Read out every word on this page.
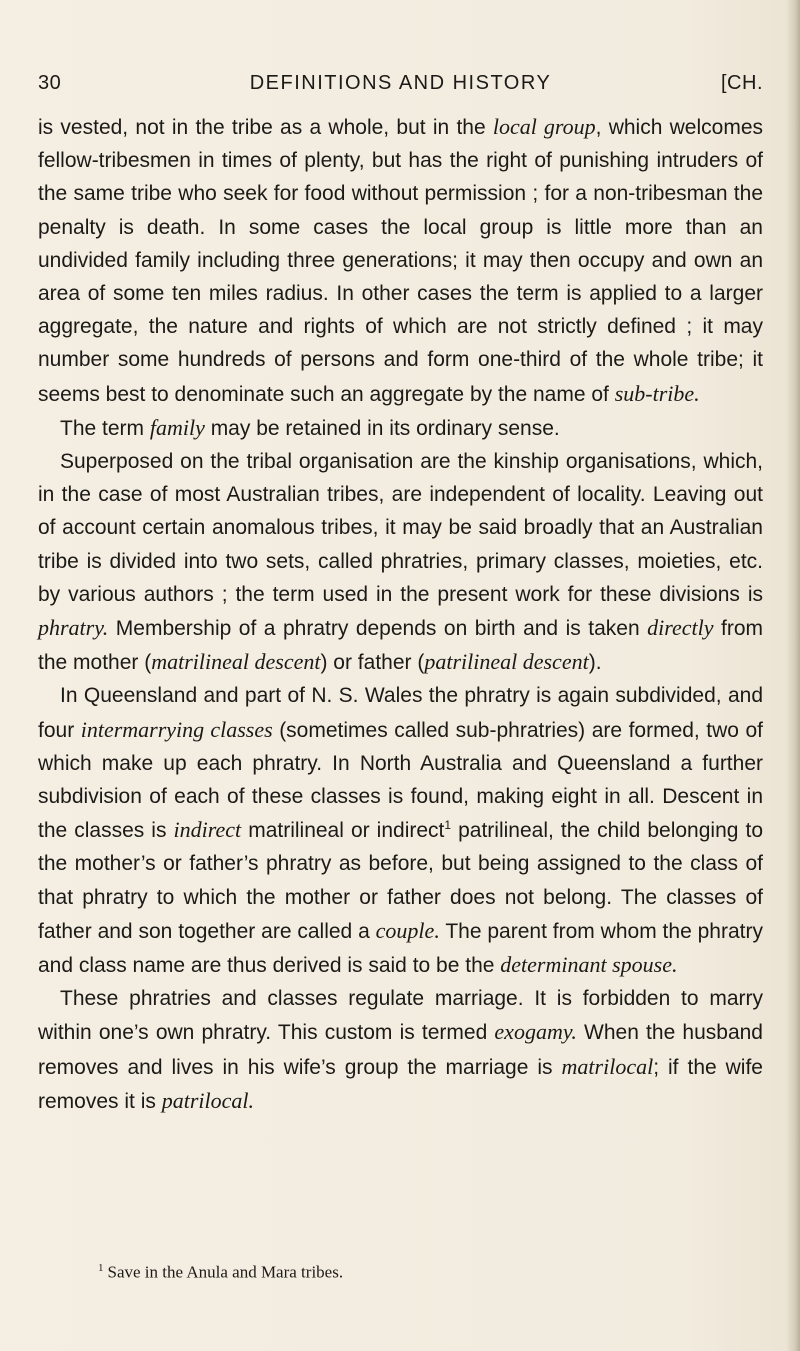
30	DEFINITIONS AND HISTORY	[CH.

is vested, not in the tribe as a whole, but in the local group, which welcomes fellow-tribesmen in times of plenty, but has the right of punishing intruders of the same tribe who seek for food without permission ; for a non-tribesman the penalty is death. In some cases the local group is little more than an undivided family including three generations; it may then occupy and own an area of some ten miles radius. In other cases the term is applied to a larger aggregate, the nature and rights of which are not strictly defined ; it may number some hundreds of persons and form one-third of the whole tribe; it seems best to denominate such an aggregate by the name of sub-tribe.

The term family may be retained in its ordinary sense.

Superposed on the tribal organisation are the kinship organisations, which, in the case of most Australian tribes, are independent of locality. Leaving out of account certain anomalous tribes, it may be said broadly that an Australian tribe is divided into two sets, called phratries, primary classes, moieties, etc. by various authors ; the term used in the present work for these divisions is phratry. Membership of a phratry depends on birth and is taken directly from the mother (matrilineal descent) or father (patrilineal descent).

In Queensland and part of N. S. Wales the phratry is again subdivided, and four intermarrying classes (sometimes called sub-phratries) are formed, two of which make up each phratry. In North Australia and Queensland a further subdivision of each of these classes is found, making eight in all. Descent in the classes is indirect matrilineal or indirect$^1$ patrilineal, the child belonging to the mother’s or father’s phratry as before, but being assigned to the class of that phratry to which the mother or father does not belong. The classes of father and son together are called a couple. The parent from whom the phratry and class name are thus derived is said to be the determinant spouse.

These phratries and classes regulate marriage. It is forbidden to marry within one’s own phratry. This custom is termed exogamy. When the husband removes and lives in his wife’s group the marriage is matrilocal; if the wife removes it is patrilocal.

$^1$ Save in the Anula and Mara tribes.
